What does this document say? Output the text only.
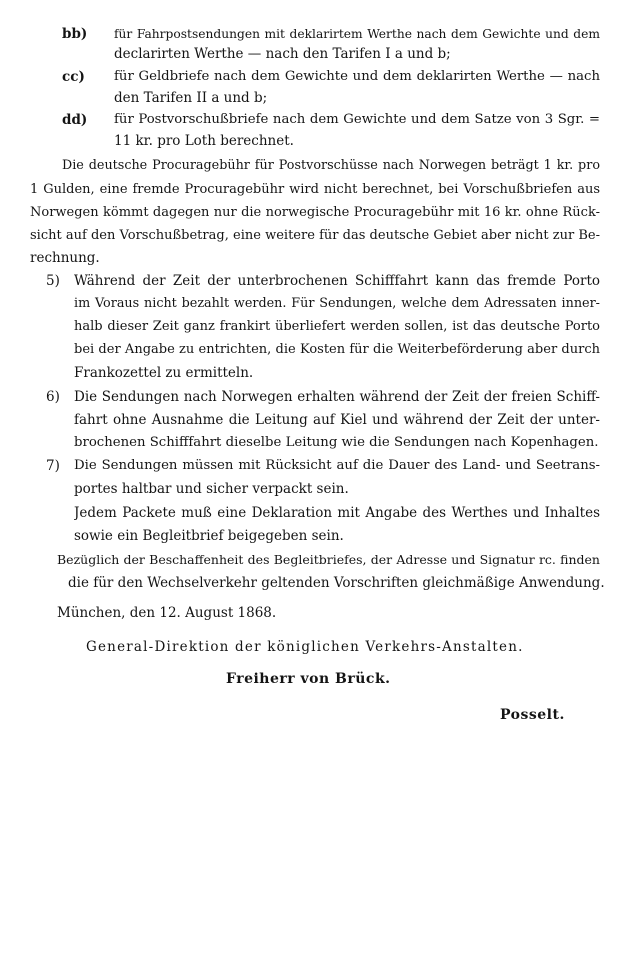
bb) für Fahrpostsendungen mit deklarirtem Werthe nach dem Gewichte und dem
declarirten Werthe — nach den Tarifen I a und b;
cc) für Geldbriefe nach dem Gewichte und dem deklarirten Werthe — nach
den Tarifen II a und b;
dd) für Postvorschußbriefe nach dem Gewichte und dem Satze von 3 Sgr. =
11 kr. pro Loth berechnet.
Die deutsche Procuragebühr für Postvorschüsse nach Norwegen beträgt 1 kr. pro
1 Gulden, eine fremde Procuragebühr wird nicht berechnet, bei Vorschußbriefen aus
Norwegen kömmt dagegen nur die norwegische Procuragebühr mit 16 kr. ohne Rück-
sicht auf den Vorschußbetrag, eine weitere für das deutsche Gebiet aber nicht zur Be-
rechnung.
5) Während der Zeit der unterbrochenen Schifffahrt kann das fremde Porto
im Voraus nicht bezahlt werden. Für Sendungen, welche dem Adressaten inner-
halb dieser Zeit ganz frankirt überliefert werden sollen, ist das deutsche Porto
bei der Angabe zu entrichten, die Kosten für die Weiterbeförderung aber durch
Frankozettel zu ermitteln.
6) Die Sendungen nach Norwegen erhalten während der Zeit der freien Schiff-
fahrt ohne Ausnahme die Leitung auf Kiel und während der Zeit der unter-
brochenen Schifffahrt dieselbe Leitung wie die Sendungen nach Kopenhagen.
7) Die Sendungen müssen mit Rücksicht auf die Dauer des Land- und Seetrans-
portes haltbar und sicher verpackt sein.
Jedem Packete muß eine Deklaration mit Angabe des Werthes und Inhaltes
sowie ein Begleitbrief beigegeben sein.
Bezüglich der Beschaffenheit des Begleitbriefes, der Adresse und Signatur rc. finden
die für den Wechselverkehr geltenden Vorschriften gleichmäßige Anwendung.
München, den 12. August 1868.
General-Direktion der königlichen Verkehrs-Anstalten.
Freiherr von Brück.
Posselt.
